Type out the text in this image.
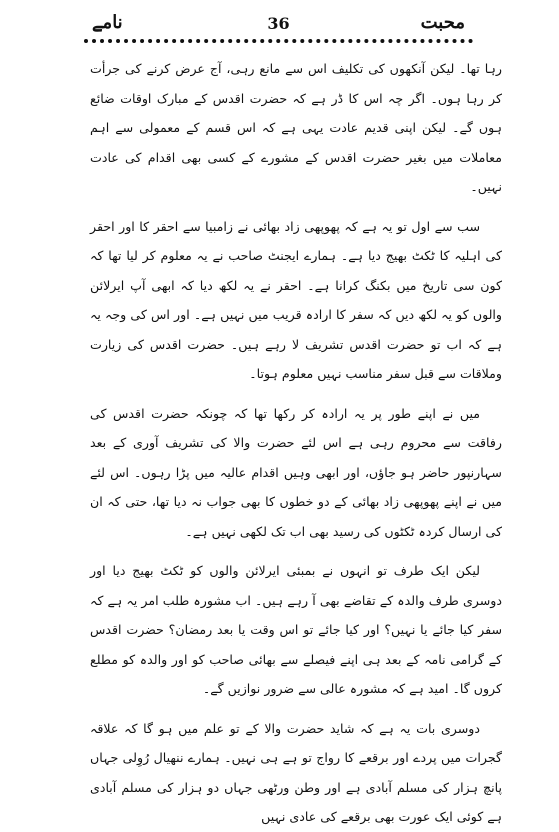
نامے	36	محبت

رہا تھا۔ لیکن آنکھوں کی تکلیف اس سے مانع رہی، آج عرض کرنے کی جرأت کر رہا ہوں۔ اگر چہ اس کا ڈر ہے کہ حضرت اقدس کے مبارک اوقات ضائع ہوں گے۔ لیکن اپنی قدیم عادت یہی ہے کہ اس قسم کے معمولی سے اہم معاملات میں بغیر حضرت اقدس کے مشورے کے کسی بھی اقدام کی عادت نہیں۔

سب سے اول تو یہ ہے کہ پھوپھی زاد بھائی نے زامبیا سے احقر کا اور احقر کی اہلیہ کا ٹکٹ بھیج دیا ہے۔ ہمارے ایجنٹ صاحب نے یہ معلوم کر لیا تھا کہ کون سی تاریخ میں بکنگ کرانا ہے۔ احقر نے یہ لکھ دیا کہ ابھی آپ ایرلائن والوں کو یہ لکھ دیں کہ سفر کا ارادہ قریب میں نہیں ہے۔ اور اس کی وجہ یہ ہے کہ اب تو حضرت اقدس تشریف لا رہے ہیں۔ حضرت اقدس کی زیارت وملاقات سے قبل سفر مناسب نہیں معلوم ہوتا۔

میں نے اپنے طور پر یہ ارادہ کر رکھا تھا کہ چونکہ حضرت اقدس کی رفاقت سے محروم رہی ہے اس لئے حضرت والا کی تشریف آوری کے بعد سہارنپور حاضر ہو جاؤں، اور ابھی وہیں اقدام عالیہ میں پڑا رہوں۔ اس لئے میں نے اپنے پھوپھی زاد بھائی کے دو خطوں کا بھی جواب نہ دیا تھا، حتی کہ ان کی ارسال کردہ ٹکٹوں کی رسید بھی اب تک لکھی نہیں ہے۔

لیکن ایک طرف تو انہوں نے بمبئی ایرلائن والوں کو ٹکٹ بھیج دیا اور دوسری طرف والدہ کے تقاضے بھی آ رہے ہیں۔ اب مشورہ طلب امر یہ ہے کہ سفر کیا جائے یا نہیں؟ اور کیا جائے تو اس وقت یا بعد رمضان؟ حضرت اقدس کے گرامی نامہ کے بعد ہی اپنے فیصلے سے بھائی صاحب کو اور والدہ کو مطلع کروں گا۔ امید ہے کہ مشورہ عالی سے ضرور نوازیں گے۔

دوسری بات یہ ہے کہ شاید حضرت والا کے تو علم میں ہو گا کہ علاقہ گجرات میں پردے اور برقعے کا رواج تو ہے ہی نہیں۔ ہمارے ننھیال رُوِلی جہاں پانچ ہزار کی مسلم آبادی ہے اور وطن ورٹھی جہاں دو ہزار کی مسلم آبادی ہے کوئی ایک عورت بھی برقعے کی عادی نہیں
